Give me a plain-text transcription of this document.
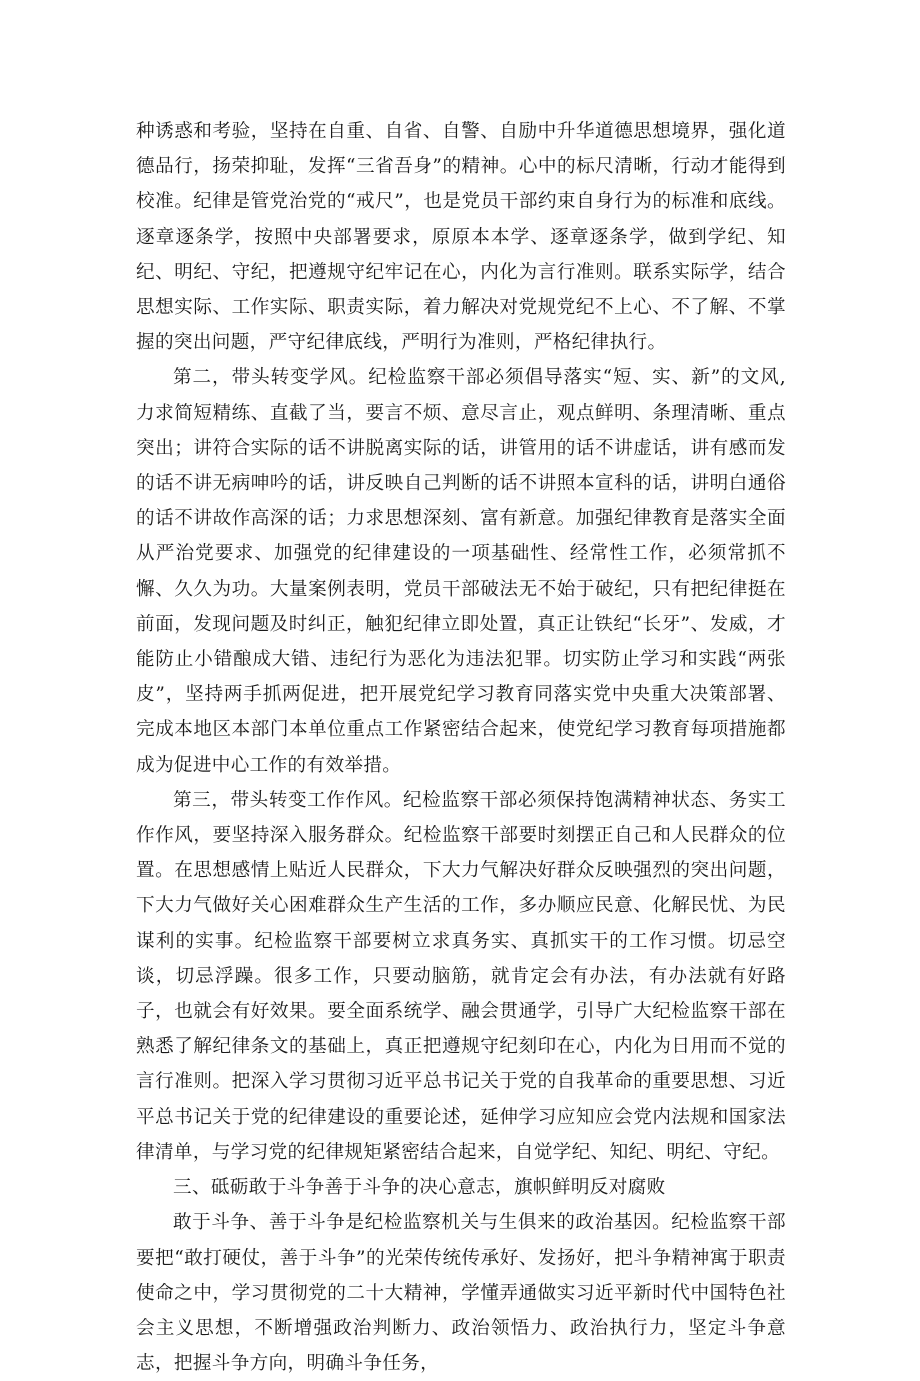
种诱惑和考验，坚持在自重、自省、自警、自励中升华道德思想境界，强化道德品行，扬荣抑耻，发挥“三省吾身”的精神。心中的标尺清晰，行动才能得到校准。纪律是管党治党的“戒尺”，也是党员干部约束自身行为的标准和底线。逐章逐条学，按照中央部署要求，原原本本学、逐章逐条学，做到学纪、知纪、明纪、守纪，把遵规守纪牢记在心，内化为言行准则。联系实际学，结合思想实际、工作实际、职责实际，着力解决对党规党纪不上心、不了解、不掌握的突出问题，严守纪律底线，严明行为准则，严格纪律执行。

第二，带头转变学风。纪检监察干部必须倡导落实“短、实、新”的文风,力求简短精练、直截了当，要言不烦、意尽言止，观点鲜明、条理清晰、重点突出；讲符合实际的话不讲脱离实际的话，讲管用的话不讲虚话，讲有感而发的话不讲无病呻吟的话，讲反映自己判断的话不讲照本宣科的话，讲明白通俗的话不讲故作高深的话；力求思想深刻、富有新意。加强纪律教育是落实全面从严治党要求、加强党的纪律建设的一项基础性、经常性工作，必须常抓不懈、久久为功。大量案例表明，党员干部破法无不始于破纪，只有把纪律挺在前面，发现问题及时纠正，触犯纪律立即处置，真正让铁纪“长牙”、发威，才能防止小错酿成大错、违纪行为恶化为违法犯罪。切实防止学习和实践“两张皮”，坚持两手抓两促进，把开展党纪学习教育同落实党中央重大决策部署、完成本地区本部门本单位重点工作紧密结合起来，使党纪学习教育每项措施都成为促进中心工作的有效举措。

第三，带头转变工作作风。纪检监察干部必须保持饱满精神状态、务实工作作风，要坚持深入服务群众。纪检监察干部要时刻摆正自己和人民群众的位置。在思想感情上贴近人民群众，下大力气解决好群众反映强烈的突出问题，下大力气做好关心困难群众生产生活的工作，多办顺应民意、化解民忧、为民谋利的实事。纪检监察干部要树立求真务实、真抓实干的工作习惯。切忌空谈，切忌浮躁。很多工作，只要动脑筋，就肯定会有办法，有办法就有好路子，也就会有好效果。要全面系统学、融会贯通学，引导广大纪检监察干部在熟悉了解纪律条文的基础上，真正把遵规守纪刻印在心，内化为日用而不觉的言行准则。把深入学习贯彻习近平总书记关于党的自我革命的重要思想、习近平总书记关于党的纪律建设的重要论述，延伸学习应知应会党内法规和国家法律清单，与学习党的纪律规矩紧密结合起来，自觉学纪、知纪、明纪、守纪。

三、砥砺敢于斗争善于斗争的决心意志，旗帜鲜明反对腐败

敢于斗争、善于斗争是纪检监察机关与生俱来的政治基因。纪检监察干部要把“敢打硬仗，善于斗争”的光荣传统传承好、发扬好，把斗争精神寓于职责使命之中，学习贯彻党的二十大精神，学懂弄通做实习近平新时代中国特色社会主义思想，不断增强政治判断力、政治领悟力、政治执行力，坚定斗争意志，把握斗争方向，明确斗争任务，
